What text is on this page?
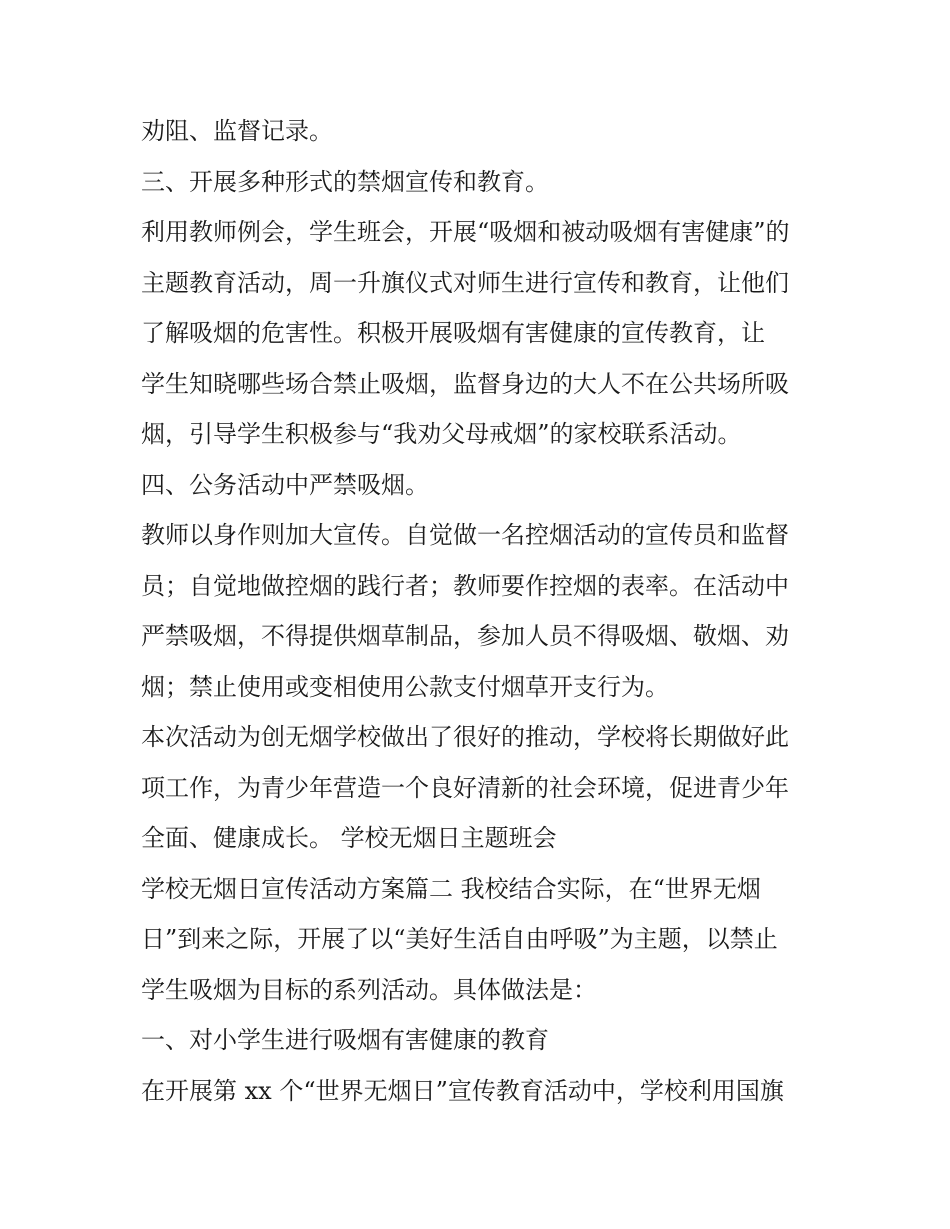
劝阻、监督记录。
三、开展多种形式的禁烟宣传和教育。
利用教师例会，学生班会，开展“吸烟和被动吸烟有害健康”的
主题教育活动，周一升旗仪式对师生进行宣传和教育，让他们
了解吸烟的危害性。积极开展吸烟有害健康的宣传教育，让
学生知晓哪些场合禁止吸烟，监督身边的大人不在公共场所吸
烟，引导学生积极参与“我劝父母戒烟”的家校联系活动。
四、公务活动中严禁吸烟。
教师以身作则加大宣传。自觉做一名控烟活动的宣传员和监督
员；自觉地做控烟的践行者；教师要作控烟的表率。在活动中
严禁吸烟，不得提供烟草制品，参加人员不得吸烟、敬烟、劝
烟；禁止使用或变相使用公款支付烟草开支行为。
本次活动为创无烟学校做出了很好的推动，学校将长期做好此
项工作，为青少年营造一个良好清新的社会环境，促进青少年
全面、健康成长。 学校无烟日主题班会
学校无烟日宣传活动方案篇二 我校结合实际，在“世界无烟
日”到来之际，开展了以“美好生活自由呼吸”为主题，以禁止
学生吸烟为目标的系列活动。具体做法是：
一、对小学生进行吸烟有害健康的教育
在开展第 xx 个“世界无烟日”宣传教育活动中，学校利用国旗
